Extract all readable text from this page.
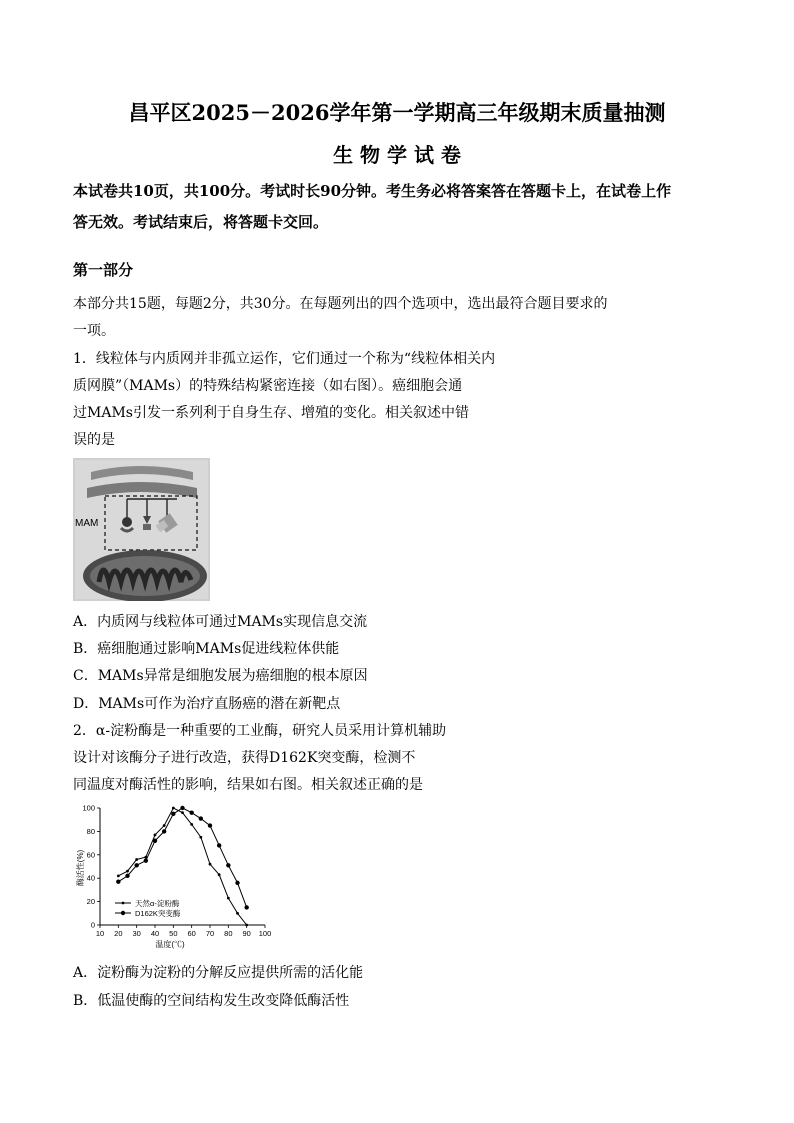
昌平区2025－2026学年第一学期高三年级期末质量抽测
生 物 学 试 卷
本试卷共10页，共100分。考试时长90分钟。考生务必将答案答在答题卡上，在试卷上作
答无效。考试结束后，将答题卡交回。
第一部分
本部分共15题，每题2分，共30分。在每题列出的四个选项中，选出最符合题目要求的
一项。
1．线粒体与内质网并非孤立运作，它们通过一个称为“线粒体相关内
质网膜”（MAMs）的特殊结构紧密连接（如右图）。癌细胞会通
过MAMs引发一系列利于自身生存、增殖的变化。相关叙述中错
误的是
MAM
A．内质网与线粒体可通过MAMs实现信息交流
B．癌细胞通过影响MAMs促进线粒体供能
C．MAMs异常是细胞发展为癌细胞的根本原因
D．MAMs可作为治疗直肠癌的潜在新靶点
2．α-淀粉酶是一种重要的工业酶，研究人员采用计算机辅助
设计对该酶分子进行改造，获得D162K突变酶，检测不
同温度对酶活性的影响，结果如右图。相关叙述正确的是
10 20 30 40 50 60 70 80 90 100
0
20
40
60
80
100
天然α-淀粉酶
D162K突变酶
温度(℃)
酶活性(%)
A．淀粉酶为淀粉的分解反应提供所需的活化能
B．低温使酶的空间结构发生改变降低酶活性
